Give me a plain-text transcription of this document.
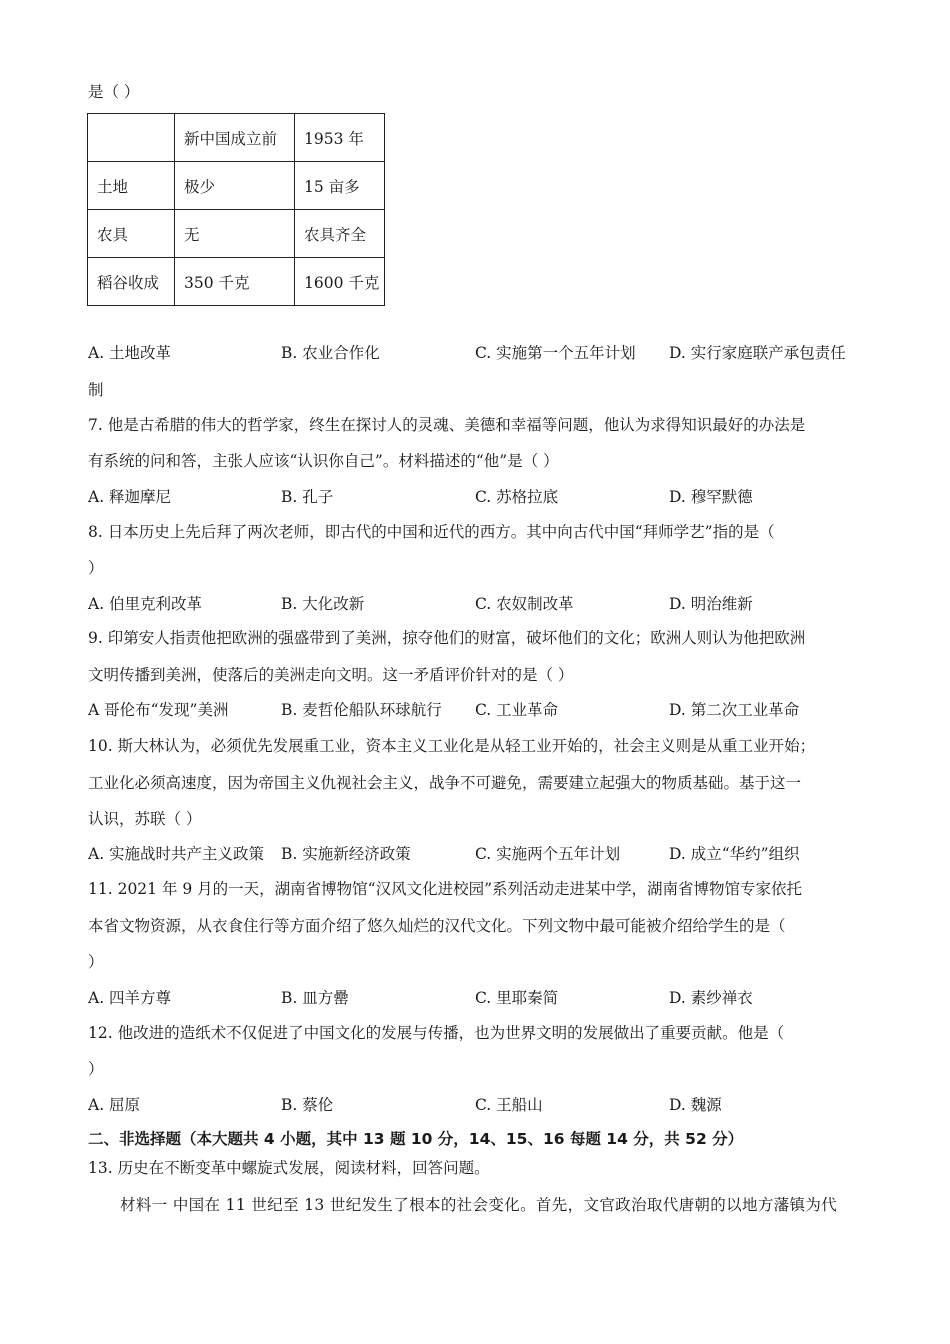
是（ ）
	新中国成立前	1953 年
土地	极少	15 亩多
农具	无	农具齐全
稻谷收成	350 千克	1600 千克
A. 土地改革	B. 农业合作化	C. 实施第一个五年计划 D. 实行家庭联产承包责任
制
7. 他是古希腊的伟大的哲学家，终生在探讨人的灵魂、美德和幸福等问题，他认为求得知识最好的办法是
有系统的问和答，主张人应该“认识你自己”。材料描述的“他”是（ ）
A. 释迦摩尼	B. 孔子	C. 苏格拉底	D. 穆罕默德
8. 日本历史上先后拜了两次老师，即古代的中国和近代的西方。其中向古代中国“拜师学艺”指的是（
）
A. 伯里克利改革	B. 大化改新	C. 农奴制改革	D. 明治维新
9. 印第安人指责他把欧洲的强盛带到了美洲，掠夺他们的财富，破坏他们的文化；欧洲人则认为他把欧洲
文明传播到美洲，使落后的美洲走向文明。这一矛盾评价针对的是（ ）
A 哥伦布“发现”美洲	B. 麦哲伦船队环球航行 C. 工业革命	D. 第二次工业革命
10. 斯大林认为，必须优先发展重工业，资本主义工业化是从轻工业开始的，社会主义则是从重工业开始；
工业化必须高速度，因为帝国主义仇视社会主义，战争不可避免，需要建立起强大的物质基础。基于这一
认识，苏联（ ）
A. 实施战时共产主义政策 B. 实施新经济政策	C. 实施两个五年计划	D. 成立“华约”组织
11. 2021 年 9 月的一天，湖南省博物馆“汉风文化进校园”系列活动走进某中学，湖南省博物馆专家依托
本省文物资源，从衣食住行等方面介绍了悠久灿烂的汉代文化。下列文物中最可能被介绍给学生的是（
）
A. 四羊方尊	B. 皿方罍	C. 里耶秦简	D. 素纱禅衣
12. 他改进的造纸术不仅促进了中国文化的发展与传播，也为世界文明的发展做出了重要贡献。他是（
）
A. 屈原	B. 蔡伦	C. 王船山	D. 魏源
二、非选择题（本大题共 4 小题，其中 13 题 10 分，14、15、16 每题 14 分，共 52 分）
13. 历史在不断变革中螺旋式发展，阅读材料，回答问题。
材料一 中国在 11 世纪至 13 世纪发生了根本的社会变化。首先，文官政治取代唐朝的以地方藩镇为代
